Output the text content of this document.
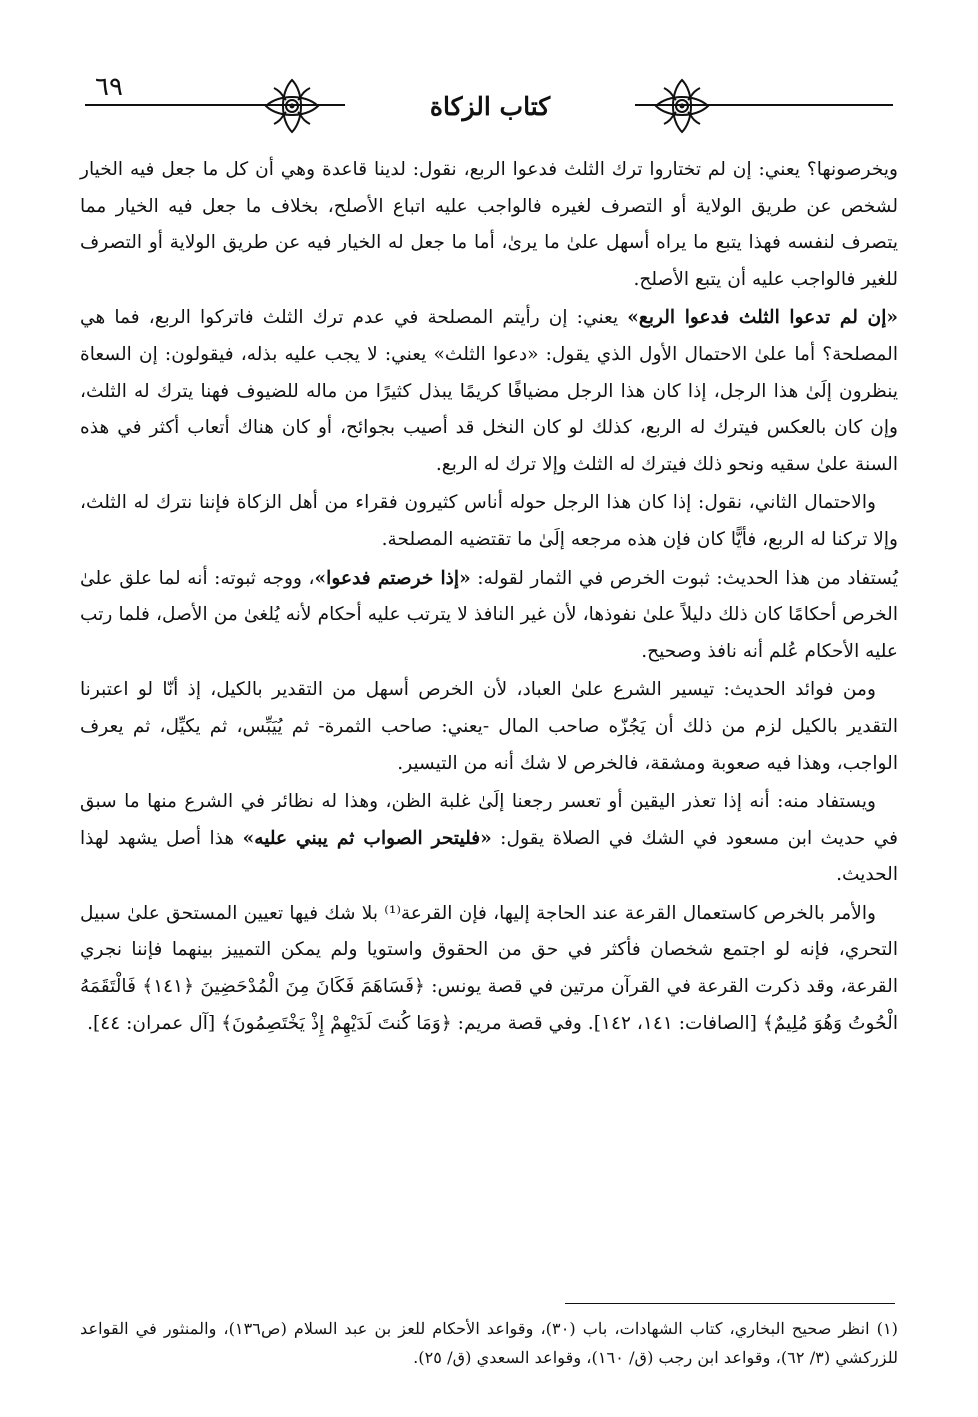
٦٩
كتاب الزكاة

ويخرصونها؟ يعني: إن لم تختاروا ترك الثلث فدعوا الربع، نقول: لدينا قاعدة وهي أن كل ما جعل فيه الخيار لشخص عن طريق الولاية أو التصرف لغيره فالواجب عليه اتباع الأصلح، بخلاف ما جعل فيه الخيار مما يتصرف لنفسه فهذا يتبع ما يراه أسهل علىٰ ما يرىٰ، أما ما جعل له الخيار فيه عن طريق الولاية أو التصرف للغير فالواجب عليه أن يتبع الأصلح.

«إن لم تدعوا الثلث فدعوا الربع» يعني: إن رأيتم المصلحة في عدم ترك الثلث فاتركوا الربع، فما هي المصلحة؟ أما علىٰ الاحتمال الأول الذي يقول: «دعوا الثلث» يعني: لا يجب عليه بذله، فيقولون: إن السعاة ينظرون إلَىٰ هذا الرجل، إذا كان هذا الرجل مضيافًا كريمًا يبذل كثيرًا من ماله للضيوف فهنا يترك له الثلث، وإن كان بالعكس فيترك له الربع، كذلك لو كان النخل قد أصيب بجوائح، أو كان هناك أتعاب أكثر في هذه السنة علىٰ سقيه ونحو ذلك فيترك له الثلث وإلا ترك له الربع.

والاحتمال الثاني، نقول: إذا كان هذا الرجل حوله أناس كثيرون فقراء من أهل الزكاة فإننا نترك له الثلث، وإلا تركنا له الربع، فأيًّا كان فإن هذه مرجعه إلَىٰ ما تقتضيه المصلحة.

يُستفاد من هذا الحديث: ثبوت الخرص في الثمار لقوله: «إذا خرصتم فدعوا»، ووجه ثبوته: أنه لما علق علىٰ الخرص أحكامًا كان ذلك دليلاً علىٰ نفوذها، لأن غير النافذ لا يترتب عليه أحكام لأنه يُلغىٰ من الأصل، فلما رتب عليه الأحكام عُلم أنه نافذ وصحيح.

ومن فوائد الحديث: تيسير الشرع علىٰ العباد، لأن الخرص أسهل من التقدير بالكيل، إذ أنّا لو اعتبرنا التقدير بالكيل لزم من ذلك أن يَجُزّه صاحب المال -يعني: صاحب الثمرة- ثم يُيَبِّس، ثم يكيِّل، ثم يعرف الواجب، وهذا فيه صعوبة ومشقة، فالخرص لا شك أنه من التيسير.

ويستفاد منه: أنه إذا تعذر اليقين أو تعسر رجعنا إلَىٰ غلبة الظن، وهذا له نظائر في الشرع منها ما سبق في حديث ابن مسعود في الشك في الصلاة يقول: «فليتحر الصواب ثم يبني عليه» هذا أصل يشهد لهذا الحديث.

والأمر بالخرص كاستعمال القرعة عند الحاجة إليها، فإن القرعة⁽¹⁾ بلا شك فيها تعيين المستحق علىٰ سبيل التحري، فإنه لو اجتمع شخصان فأكثر في حق من الحقوق واستويا ولم يمكن التمييز بينهما فإننا نجري القرعة، وقد ذكرت القرعة في القرآن مرتين في قصة يونس: ﴿فَسَاهَمَ فَكَانَ مِنَ الْمُدْحَضِينَ ﴿١٤١﴾ فَالْتَقَمَهُ الْحُوتُ وَهُوَ مُلِيمٌ﴾ [الصافات: ١٤١، ١٤٢]. وفي قصة مريم: ﴿وَمَا كُنتَ لَدَيْهِمْ إِذْ يَخْتَصِمُونَ﴾ [آل عمران: ٤٤].

(١) انظر صحيح البخاري، كتاب الشهادات، باب (٣٠)، وقواعد الأحكام للعز بن عبد السلام (ص١٣٦)، والمنثور في القواعد للزركشي (٣/ ٦٢)، وقواعد ابن رجب (ق/ ١٦٠)، وقواعد السعدي (ق/ ٢٥).
